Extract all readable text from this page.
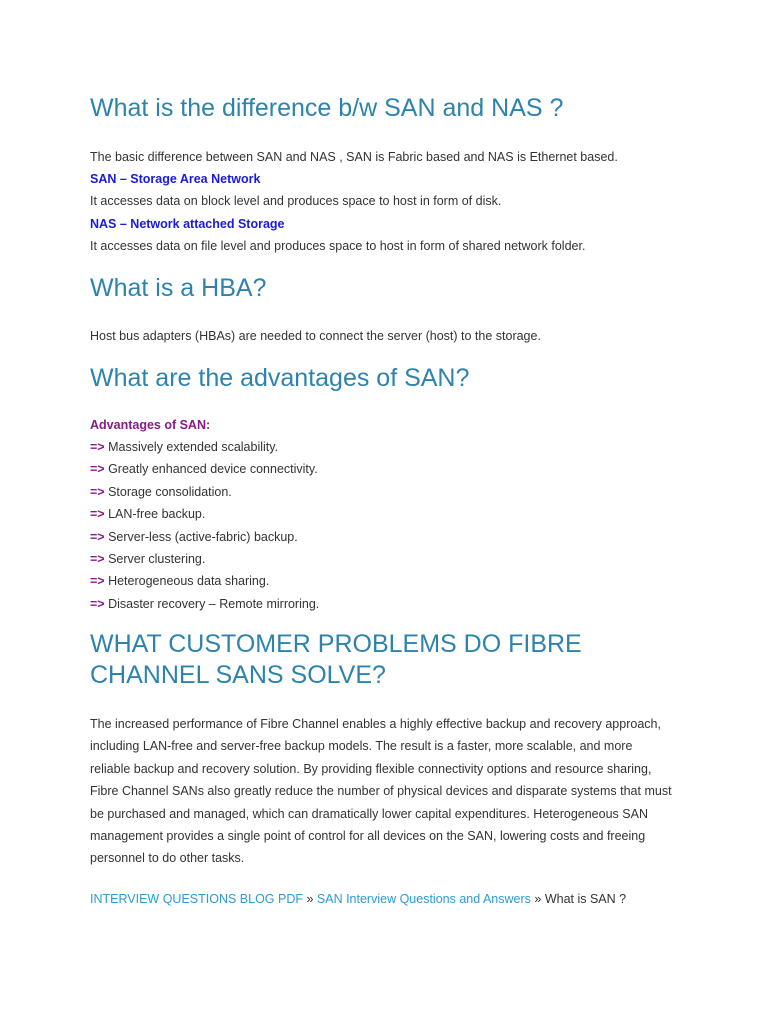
What is the difference b/w SAN and NAS ?

The basic difference between SAN and NAS , SAN is Fabric based and NAS is Ethernet based.

SAN – Storage Area Network

It accesses data on block level and produces space to host in form of disk.

NAS – Network attached Storage

It accesses data on file level and produces space to host in form of shared network folder.

What is a HBA?

Host bus adapters (HBAs) are needed to connect the server (host) to the storage.

What are the advantages of SAN?

Advantages of SAN:

=> Massively extended scalability.
=> Greatly enhanced device connectivity.
=> Storage consolidation.
=> LAN-free backup.
=> Server-less (active-fabric) backup.
=> Server clustering.
=> Heterogeneous data sharing.
=> Disaster recovery – Remote mirroring.
WHAT CUSTOMER PROBLEMS DO FIBRE
CHANNEL SANS SOLVE?

The increased performance of Fibre Channel enables a highly effective backup and recovery approach,

including LAN-free and server-free backup models. The result is a faster, more scalable, and more

reliable backup and recovery solution. By providing flexible connectivity options and resource sharing,

Fibre Channel SANs also greatly reduce the number of physical devices and disparate systems that must

be purchased and managed, which can dramatically lower capital expenditures. Heterogeneous SAN

management provides a single point of control for all devices on the SAN, lowering costs and freeing

personnel to do other tasks.

INTERVIEW QUESTIONS BLOG PDF » SAN Interview Questions and Answers » What is SAN ?
